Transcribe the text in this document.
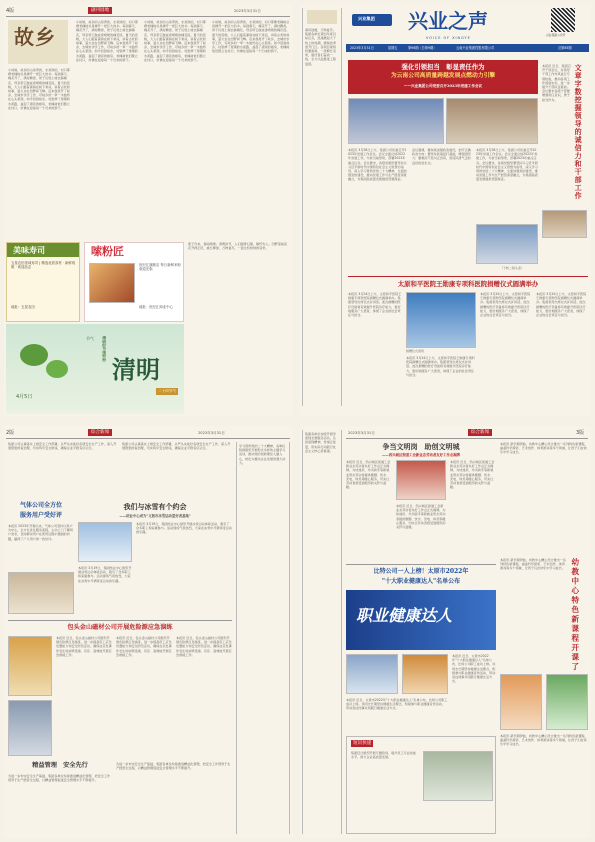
4版	副刊园地	2023年3月31日
故乡
小时候，故乡的山是青的，水是绿的，村口那棵老槐树总是撑开一把巨大的伞。每到春天，槐花开了，满村飘香，孩子们爬上树去摘槐花，母亲用它做成香喷喷的槐花饭。夏天的夜晚，大人们摇着蒲扇在树下乘凉，讲着古老的故事，萤火虫在田野间飞舞。后来我离开了故乡，去城市求学工作，可故乡的一草一木始终在心头萦绕。如今回到故乡，村里修了宽阔的水泥路，盖起了漂亮的楼房，老槐树依旧挺立在村口，仿佛在迎接每一个归来的游子。
小时候，故乡的山是青的，水是绿的，村口那棵老槐树总是撑开一把巨大的伞。每到春天，槐花开了，满村飘香，孩子们爬上树去摘槐花，母亲用它做成香喷喷的槐花饭。夏天的夜晚，大人们摇着蒲扇在树下乘凉，讲着古老的故事，萤火虫在田野间飞舞。后来我离开了故乡，去城市求学工作，可故乡的一草一木始终在心头萦绕。如今回到故乡，村里修了宽阔的水泥路，盖起了漂亮的楼房，老槐树依旧挺立在村口，仿佛在迎接每一个归来的游子。
小时候，故乡的山是青的，水是绿的，村口那棵老槐树总是撑开一把巨大的伞。每到春天，槐花开了，满村飘香，孩子们爬上树去摘槐花，母亲用它做成香喷喷的槐花饭。夏天的夜晚，大人们摇着蒲扇在树下乘凉，讲着古老的故事，萤火虫在田野间飞舞。后来我离开了故乡，去城市求学工作，可故乡的一草一木始终在心头萦绕。如今回到故乡，村里修了宽阔的水泥路，盖起了漂亮的楼房，老槐树依旧挺立在村口，仿佛在迎接每一个归来的游子。
小时候，故乡的山是青的，水是绿的，村口那棵老槐树总是撑开一把巨大的伞。每到春天，槐花开了，满村飘香，孩子们爬上树去摘槐花，母亲用它做成香喷喷的槐花饭。夏天的夜晚，大人们摇着蒲扇在树下乘凉，讲着古老的故事，萤火虫在田野间飞舞。后来我离开了故乡，去城市求学工作，可故乡的一草一木始终在心头萦绕。如今回到故乡，村里修了宽阔的水泥路，盖起了漂亮的楼房，老槐树依旧挺立在村口，仿佛在迎接每一个归来的游子。
美味寿司
五星农田美味寿司 | 精选优质食材 · 新鲜现做 · 欢迎品尝
地址：五星农田
嗦粉匠
世纪汇旗舰店 每日新鲜米粉 欢迎光临
地址：世纪汇商业中心
节气
清明
4月5日
二十四节气
清明时节雨纷纷
燕子归来，春雨绵绵。清明时节，人们踏青扫墓，缅怀先人。田野里油菜花开得正旺，桃红柳绿，万物复苏，一派生机勃勃的景象。
春风送暖，万物复苏。集团各单位紧扣年度目标任务，迅速掀起大干快上的热潮，确保首季度开门红。各项目现场机器轰鸣，一派繁忙景象，建设者们奋战一线，全力以赴推进工程进度。
兴业集团 兴业之声
VOICE OF XINGYE
兴业集团公众号
2023年3月31日	星期五	第96期（总第9期）	云南兴业集团控股有限公司	总第85期
强化引领担当　彰显责任作为
为云南公司高质量跨越发展点燃动力引擎
——兴业集团公司党委召开2023年党建工作会议
本报讯 3月28日上午，集团公司党委召开2023年党建工作会议。会议全面总结2022年党建工作，分析当前形势，部署2023年重点任务。会议要求，各级党组织要坚持以习近平新时代中国特色社会主义思想为指导，深入学习贯彻党的二十大精神，全面加强党的建设，推动党建工作与生产经营深度融合，为集团高质量发展提供坚强保证。
会议强调，要持续加强政治建设，把牢正确政治方向；要坚持抓基层打基础，增强组织力；要驰而不息纠正四风，营造风清气正的良好政治生态。
本报讯 3月28日上午，集团公司党委召开2023年党建工作会议。会议全面总结2022年党建工作，分析当前形势，部署2023年重点任务。会议要求，各级党组织要坚持以习近平新时代中国特色社会主义思想为指导，深入学习贯彻党的二十大精神，全面加强党的建设，推动党建工作与生产经营深度融合，为集团高质量发展提供坚强保证。
（下转二版头条）
文章字数挖掘领导的诚信力和干部工作
本报讯 近日，集团召开干部会议，对领导干部工作作风进行专项检查，推动各项工作落到实处，进一步提升干部队伍素质。会议要求各级干部要增强责任意识，勇于担当作为。
太原和平医院王勋康专项科医院捐赠仪式圆满举办
本报讯 3月24日上午，太原和平医院王勋康专项科医院捐赠仪式圆满举办。集团领导出席仪式并讲话。此次捐赠的医疗设备将有效提升医院诊疗能力，更好地服务广大患者，体现了企业的社会责任与担当。
捐赠仪式现场
本报讯 3月24日上午，太原和平医院王勋康专项科医院捐赠仪式圆满举办。集团领导出席仪式并讲话。此次捐赠的医疗设备将有效提升医院诊疗能力，更好地服务广大患者，体现了企业的社会责任与担当。
本报讯 3月24日上午，太原和平医院王勋康专项科医院捐赠仪式圆满举办。集团领导出席仪式并讲话。此次捐赠的医疗设备将有效提升医院诊疗能力，更好地服务广大患者，体现了企业的社会责任与担当。
本报讯 3月24日上午，太原和平医院王勋康专项科医院捐赠仪式圆满举办。集团领导出席仪式并讲话。此次捐赠的医疗设备将有效提升医院诊疗能力，更好地服务广大患者，体现了企业的社会责任与担当。
2版	综合新闻	2023年3月31日
集团公司认真落实上级安全工作部署，从严从实抓好各项安全生产工作，深入开展隐患排查治理，切实筑牢安全防线，确保企业平稳有序运行。
集团公司认真落实上级安全工作部署，从严从实抓好各项安全生产工作，深入开展隐患排查治理，切实筑牢安全防线，确保企业平稳有序运行。
学习贯彻党的二十大精神，各单位积极组织开展形式多样的主题学习活动，推动党的创新理论入脑入心，转化为推动企业发展的强大动力。
气体公司全方位
服务用户受好评
本报讯 2023年开春以来，气体公司坚持以用户为中心，全方位优化服务流程，主动上门了解用户需求，及时解决用户在使用过程中遇到的问题，赢得了广大用户的一致好评。
我们与冰雪有个约会
——结业中心成为"文旅市冰雪运动爱好者基地"
本报讯 3月19日，集团结业中心组织开展冰雪运动体验活动，吸引了众多职工和家属参与。活动现场气氛热烈，大家在冰雪中尽情享受运动的乐趣。
本报讯 3月19日，集团结业中心组织开展冰雪运动体验活动，吸引了众多职工和家属参与。活动现场气氛热烈，大家在冰雪中尽情享受运动的乐趣。
包头金山磁材公司开展危险源应急演练
本报讯 近日，包头金山磁材公司组织开展危险源应急演练，进一步提高员工应急处置能力和安全防范意识，确保在突发事件发生时能够迅速、有序、高效地开展应急救援工作。
本报讯 近日，包头金山磁材公司组织开展危险源应急演练，进一步提高员工应急处置能力和安全防范意识，确保在突发事件发生时能够迅速、有序、高效地开展应急救援工作。
本报讯 近日，包头金山磁材公司组织开展危险源应急演练，进一步提高员工应急处置能力和安全防范意识，确保在突发事件发生时能够迅速、有序、高效地开展应急救援工作。
精益管理　安全先行
为进一步夯实安全生产基础，集团各单位持续推进精益化管理，把安全工作贯穿于生产经营全过程，以精益管理促进安全管理水平不断提升。
为进一步夯实安全生产基础，集团各单位持续推进精益化管理，把安全工作贯穿于生产经营全过程，以精益管理促进安全管理水平不断提升。
集团各单位持续开展学雷锋志愿服务活动，弘扬雷锋精神，传递正能量，用实际行动践行社会主义核心价值观。
2023年3月31日	综合新闻	3版
争当文明岗　助创文明城
——西兴城区街道工会新业态劳动者友好工作点揭牌
本报讯 近日，西兴城区街道工会新业态劳动者友好工作点正式揭牌，为快递员、外卖骑手等新就业形态劳动者提供歇脚、饮水、充电、休息等暖心服务，切实让劳动者感受到组织的关怀与温暖。
本报讯 近日，西兴城区街道工会新业态劳动者友好工作点正式揭牌，为快递员、外卖骑手等新就业形态劳动者提供歇脚、饮水、充电、休息等暖心服务，切实让劳动者感受到组织的关怀与温暖。
本报讯 近日，西兴城区街道工会新业态劳动者友好工作点正式揭牌，为快递员、外卖骑手等新就业形态劳动者提供歇脚、饮水、充电、休息等暖心服务，切实让劳动者感受到组织的关怀与温暖。
比特公司一人上榜！太原市2022年
"十大职业健康达人"名单公布
职业健康达人
本报讯 近日，太原市2022年"十大职业健康达人"名单公布，比特公司职工成功上榜。该同志长期坚持健康生活理念，积极参与职业健康宣传活动，带动身边同事共同践行健康生活方式。
本报讯 近日，太原市2022年"十大职业健康达人"名单公布，比特公司职工成功上榜。该同志长期坚持健康生活理念，积极参与职业健康宣传活动，带动身边同事共同践行健康生活方式。
短讯快递
集团近日组织开展专题培训，提升员工专业技能水平，助力企业高质量发展。
本报讯 新学期伊始，幼教中心精心设计推出一系列特色新课程，涵盖科学探索、艺术创作、体育游戏等多个领域，让孩子们在快乐中学习成长。
幼教中心特色新课程开课了
本报讯 新学期伊始，幼教中心精心设计推出一系列特色新课程，涵盖科学探索、艺术创作、体育游戏等多个领域，让孩子们在快乐中学习成长。
本报讯 新学期伊始，幼教中心精心设计推出一系列特色新课程，涵盖科学探索、艺术创作、体育游戏等多个领域，让孩子们在快乐中学习成长。
